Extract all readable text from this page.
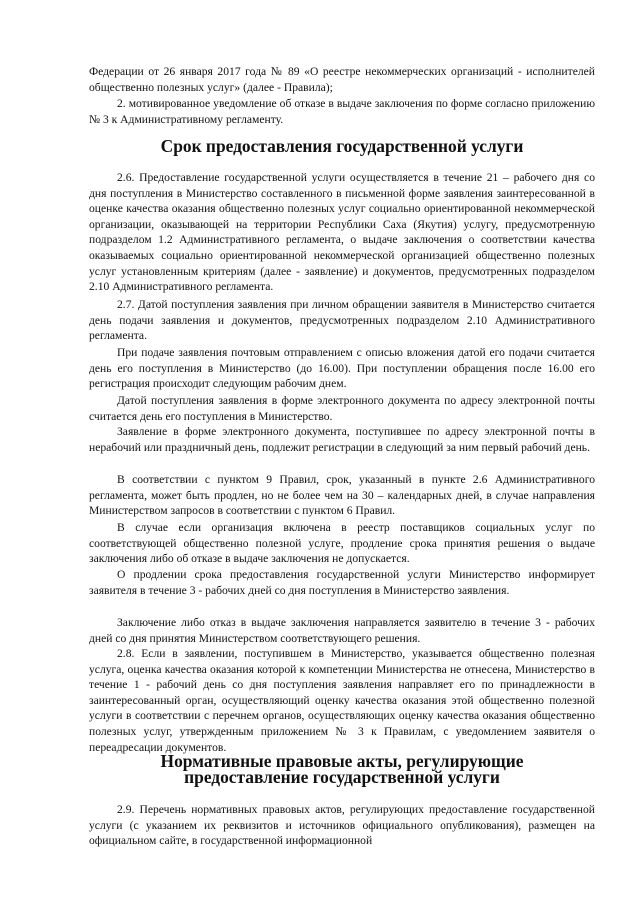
Федерации от 26 января 2017 года № 89 «О реестре некоммерческих организаций - исполнителей общественно полезных услуг» (далее - Правила);

2. мотивированное уведомление об отказе в выдаче заключения по форме согласно приложению № 3 к Административному регламенту.

Срок предоставления государственной услуги

2.6. Предоставление государственной услуги осуществляется в течение 21 – рабочего дня со дня поступления в Министерство составленного в письменной форме заявления заинтересованной в оценке качества оказания общественно полезных услуг социально ориентированной некоммерческой организации, оказывающей на территории Республики Саха (Якутия) услугу, предусмотренную подразделом 1.2 Административного регламента, о выдаче заключения о соответствии качества оказываемых социально ориентированной некоммерческой организацией общественно полезных услуг установленным критериям (далее - заявление) и документов, предусмотренных подразделом 2.10 Административного регламента.

2.7. Датой поступления заявления при личном обращении заявителя в Министерство считается день подачи заявления и документов, предусмотренных подразделом 2.10 Административного регламента.

При подаче заявления почтовым отправлением с описью вложения датой его подачи считается день его поступления в Министерство (до 16.00). При поступлении обращения после 16.00 его регистрация происходит следующим рабочим днем.

Датой поступления заявления в форме электронного документа по адресу электронной почты считается день его поступления в Министерство.

Заявление в форме электронного документа, поступившее по адресу электронной почты в нерабочий или праздничный день, подлежит регистрации в следующий за ним первый рабочий день.

В соответствии с пунктом 9 Правил, срок, указанный в пункте 2.6 Административного регламента, может быть продлен, но не более чем на 30 – календарных дней, в случае направления Министерством запросов в соответствии с пунктом 6 Правил.

В случае если организация включена в реестр поставщиков социальных услуг по соответствующей общественно полезной услуге, продление срока принятия решения о выдаче заключения либо об отказе в выдаче заключения не допускается.

О продлении срока предоставления государственной услуги Министерство информирует заявителя в течение 3 - рабочих дней со дня поступления в Министерство заявления.

Заключение либо отказ в выдаче заключения направляется заявителю в течение 3 - рабочих дней со дня принятия Министерством соответствующего решения.

2.8. Если в заявлении, поступившем в Министерство, указывается общественно полезная услуга, оценка качества оказания которой к компетенции Министерства не отнесена, Министерство в течение 1 - рабочий день со дня поступления заявления направляет его по принадлежности в заинтересованный орган, осуществляющий оценку качества оказания этой общественно полезной услуги в соответствии с перечнем органов, осуществляющих оценку качества оказания общественно полезных услуг, утвержденным приложением № 3 к Правилам, с уведомлением заявителя о переадресации документов.

Нормативные правовые акты, регулирующие предоставление государственной услуги

2.9. Перечень нормативных правовых актов, регулирующих предоставление государственной услуги (с указанием их реквизитов и источников официального опубликования), размещен на официальном сайте, в государственной информационной
